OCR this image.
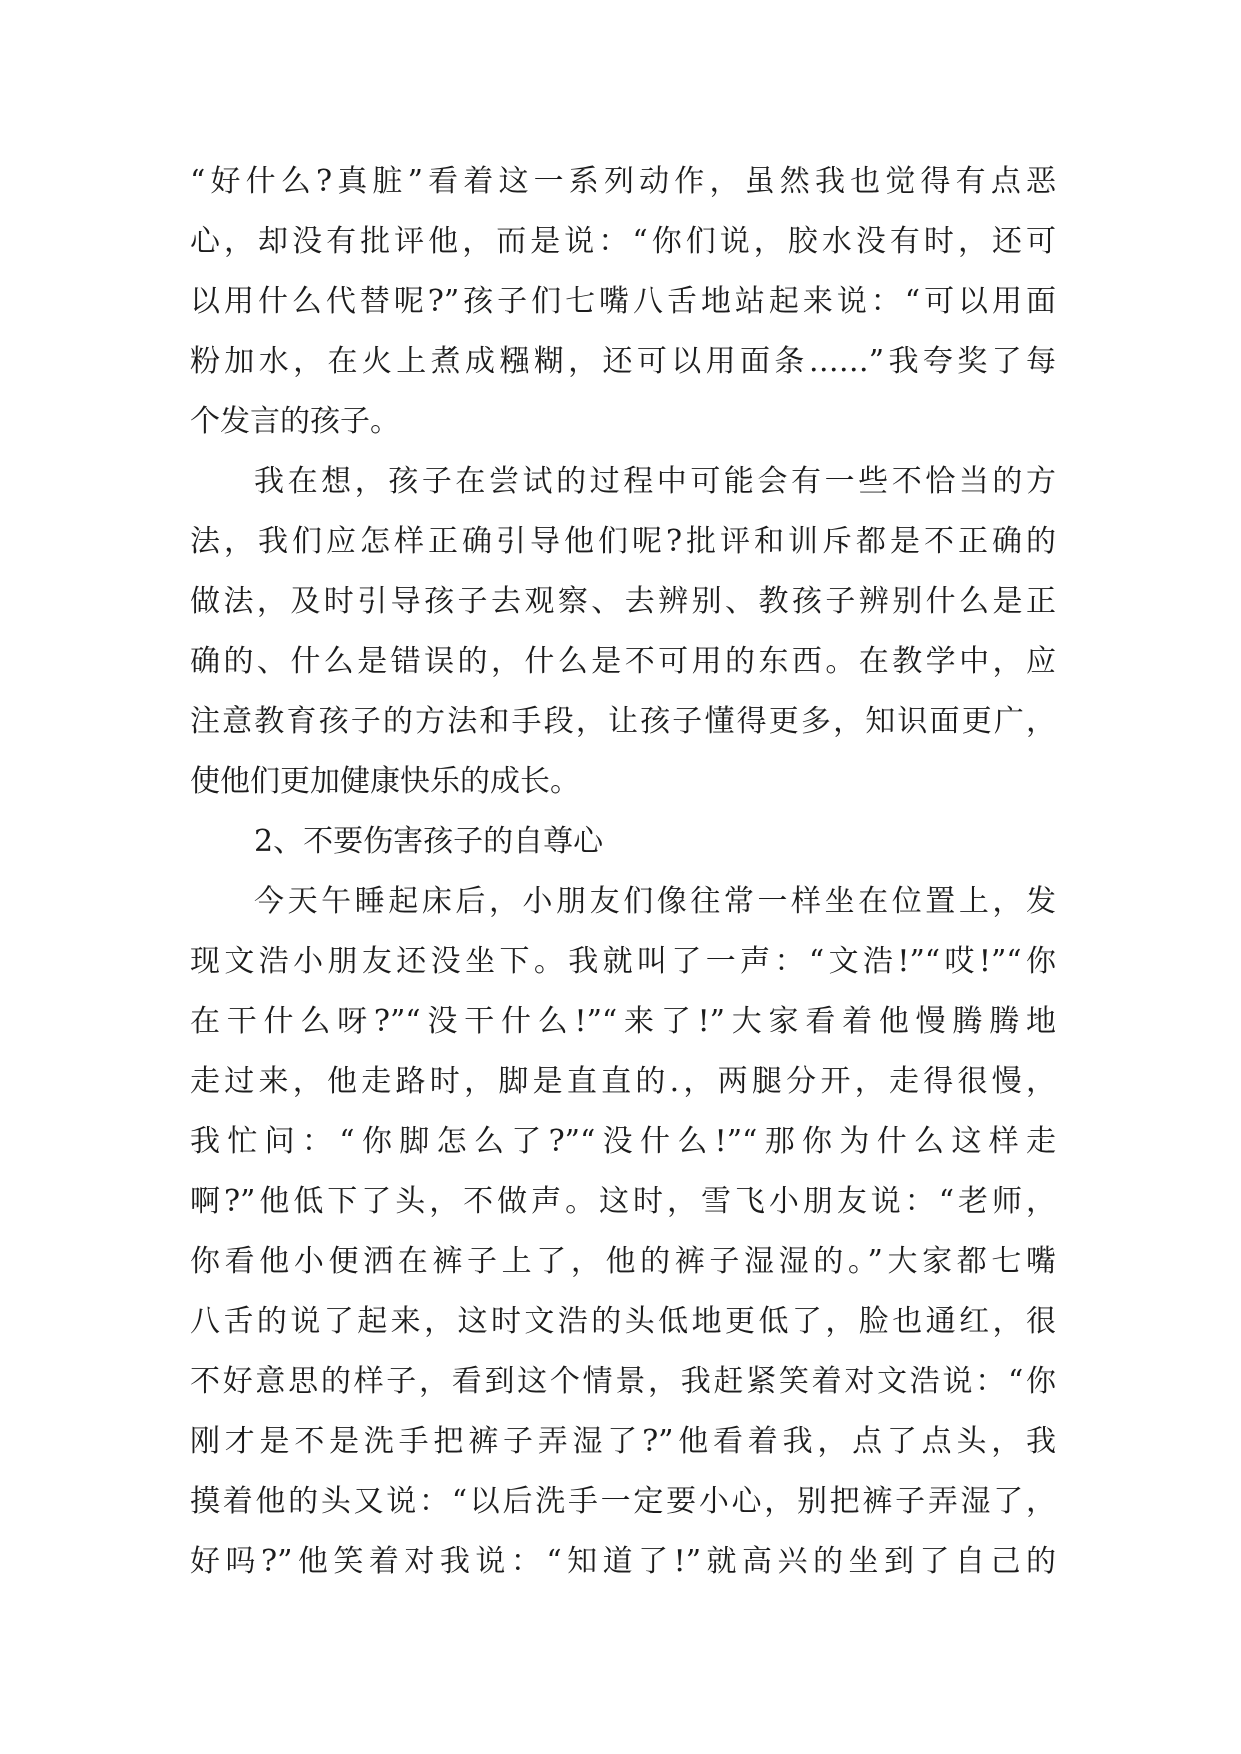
“好什么?真脏”看着这一系列动作，虽然我也觉得有点恶
心，却没有批评他，而是说：“你们说，胶水没有时，还可
以用什么代替呢?”孩子们七嘴八舌地站起来说：“可以用面
粉加水，在火上煮成糨糊，还可以用面条……”我夸奖了每
个发言的孩子。
我在想，孩子在尝试的过程中可能会有一些不恰当的方
法，我们应怎样正确引导他们呢?批评和训斥都是不正确的
做法，及时引导孩子去观察、去辨别、教孩子辨别什么是正
确的、什么是错误的，什么是不可用的东西。在教学中，应
注意教育孩子的方法和手段，让孩子懂得更多，知识面更广，
使他们更加健康快乐的成长。
2、不要伤害孩子的自尊心
今天午睡起床后，小朋友们像往常一样坐在位置上，发
现文浩小朋友还没坐下。我就叫了一声：“文浩!”“哎!”“你
在干什么呀?”“没干什么!”“来了!”大家看着他慢腾腾地
走过来，他走路时，脚是直直的.，两腿分开，走得很慢，
我忙问：“你脚怎么了?”“没什么!”“那你为什么这样走
啊?”他低下了头，不做声。这时，雪飞小朋友说：“老师，
你看他小便洒在裤子上了，他的裤子湿湿的。”大家都七嘴
八舌的说了起来，这时文浩的头低地更低了，脸也通红，很
不好意思的样子，看到这个情景，我赶紧笑着对文浩说：“你
刚才是不是洗手把裤子弄湿了?”他看着我，点了点头，我
摸着他的头又说：“以后洗手一定要小心，别把裤子弄湿了，
好吗?”他笑着对我说：“知道了!”就高兴的坐到了自己的
